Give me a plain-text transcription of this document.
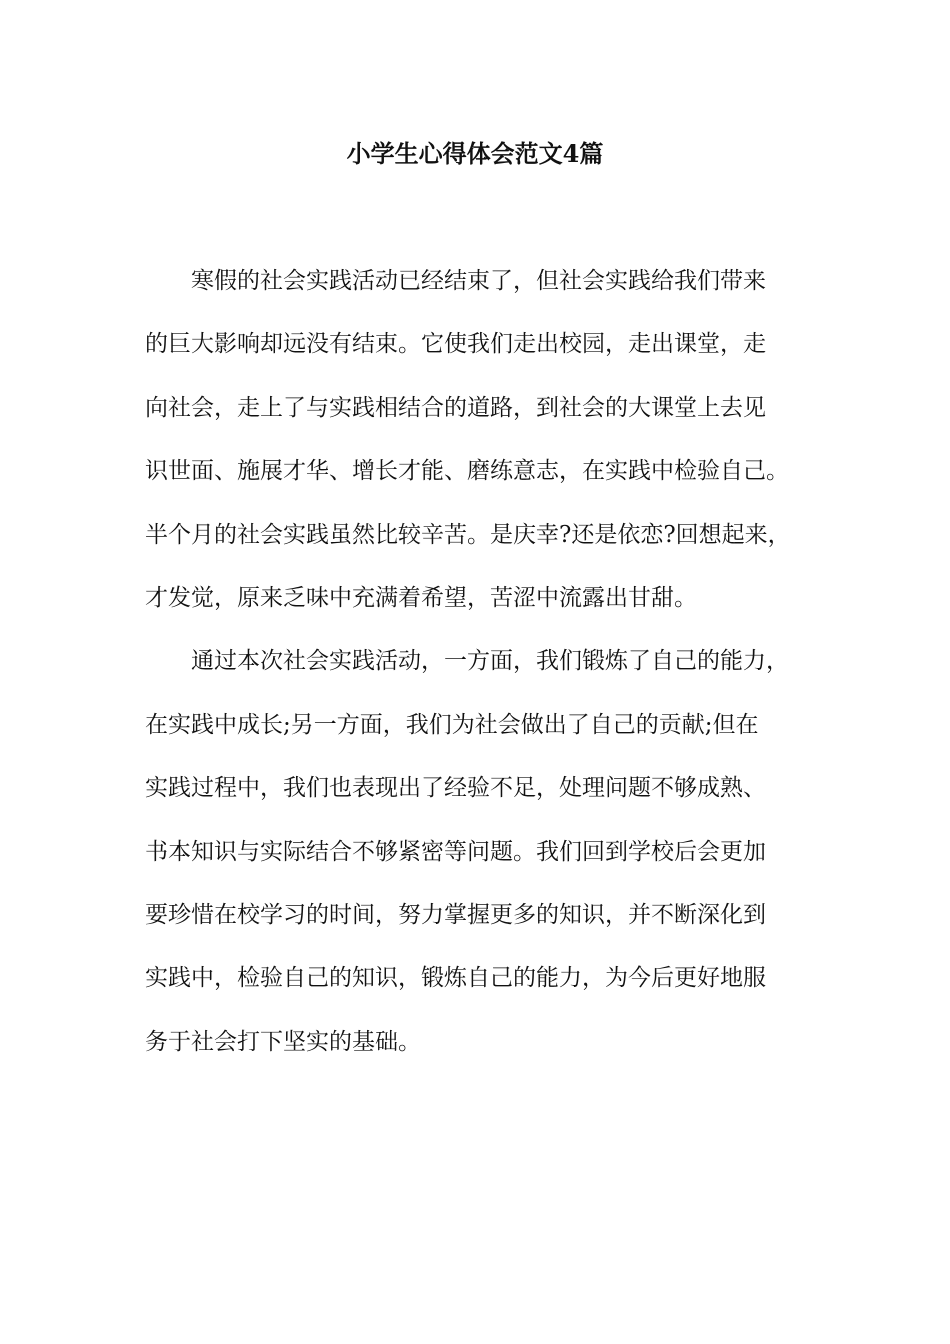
小学生心得体会范文4篇

寒假的社会实践活动已经结束了，但社会实践给我们带来
的巨大影响却远没有结束。它使我们走出校园，走出课堂，走
向社会，走上了与实践相结合的道路，到社会的大课堂上去见
识世面、施展才华、增长才能、磨练意志，在实践中检验自己。
半个月的社会实践虽然比较辛苦。是庆幸?还是依恋?回想起来，
才发觉，原来乏味中充满着希望，苦涩中流露出甘甜。

通过本次社会实践活动，一方面，我们锻炼了自己的能力，
在实践中成长;另一方面，我们为社会做出了自己的贡献;但在
实践过程中，我们也表现出了经验不足，处理问题不够成熟、
书本知识与实际结合不够紧密等问题。我们回到学校后会更加
要珍惜在校学习的时间，努力掌握更多的知识，并不断深化到
实践中，检验自己的知识，锻炼自己的能力，为今后更好地服
务于社会打下坚实的基础。
